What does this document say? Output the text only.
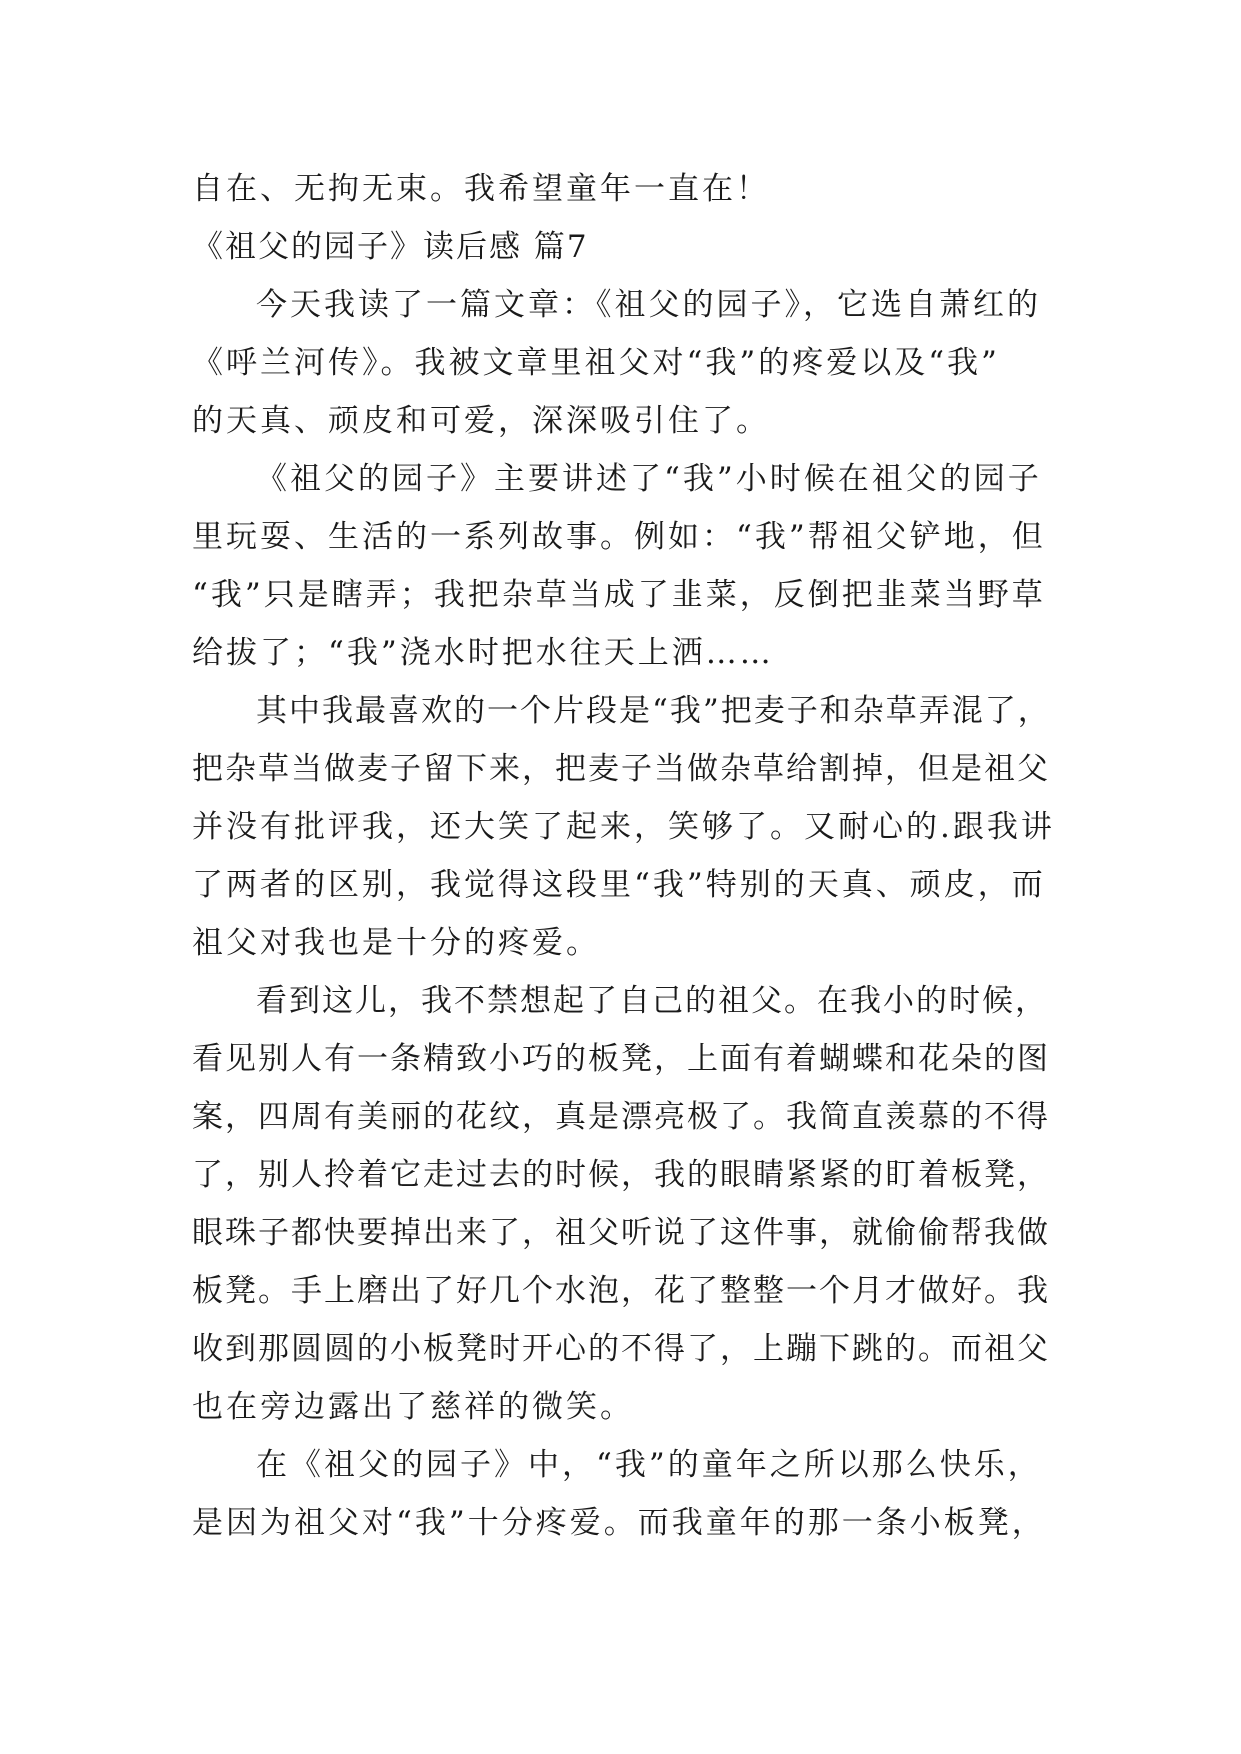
自在、无拘无束。我希望童年一直在！

《祖父的园子》读后感 篇7

今天我读了一篇文章：《祖父的园子》，它选自萧红的

《呼兰河传》。我被文章里祖父对“我”的疼爱以及“我”

的天真、顽皮和可爱，深深吸引住了。

《祖父的园子》主要讲述了“我”小时候在祖父的园子

里玩耍、生活的一系列故事。例如：“我”帮祖父铲地，但

“我”只是瞎弄；我把杂草当成了韭菜，反倒把韭菜当野草

给拔了；“我”浇水时把水往天上洒……

其中我最喜欢的一个片段是“我”把麦子和杂草弄混了，

把杂草当做麦子留下来，把麦子当做杂草给割掉，但是祖父

并没有批评我，还大笑了起来，笑够了。又耐心的.跟我讲

了两者的区别，我觉得这段里“我”特别的天真、顽皮，而

祖父对我也是十分的疼爱。

看到这儿，我不禁想起了自己的祖父。在我小的时候，

看见别人有一条精致小巧的板凳，上面有着蝴蝶和花朵的图

案，四周有美丽的花纹，真是漂亮极了。我简直羡慕的不得

了，别人拎着它走过去的时候，我的眼睛紧紧的盯着板凳，

眼珠子都快要掉出来了，祖父听说了这件事，就偷偷帮我做

板凳。手上磨出了好几个水泡，花了整整一个月才做好。我

收到那圆圆的小板凳时开心的不得了，上蹦下跳的。而祖父

也在旁边露出了慈祥的微笑。

在《祖父的园子》中，“我”的童年之所以那么快乐，

是因为祖父对“我”十分疼爱。而我童年的那一条小板凳，
